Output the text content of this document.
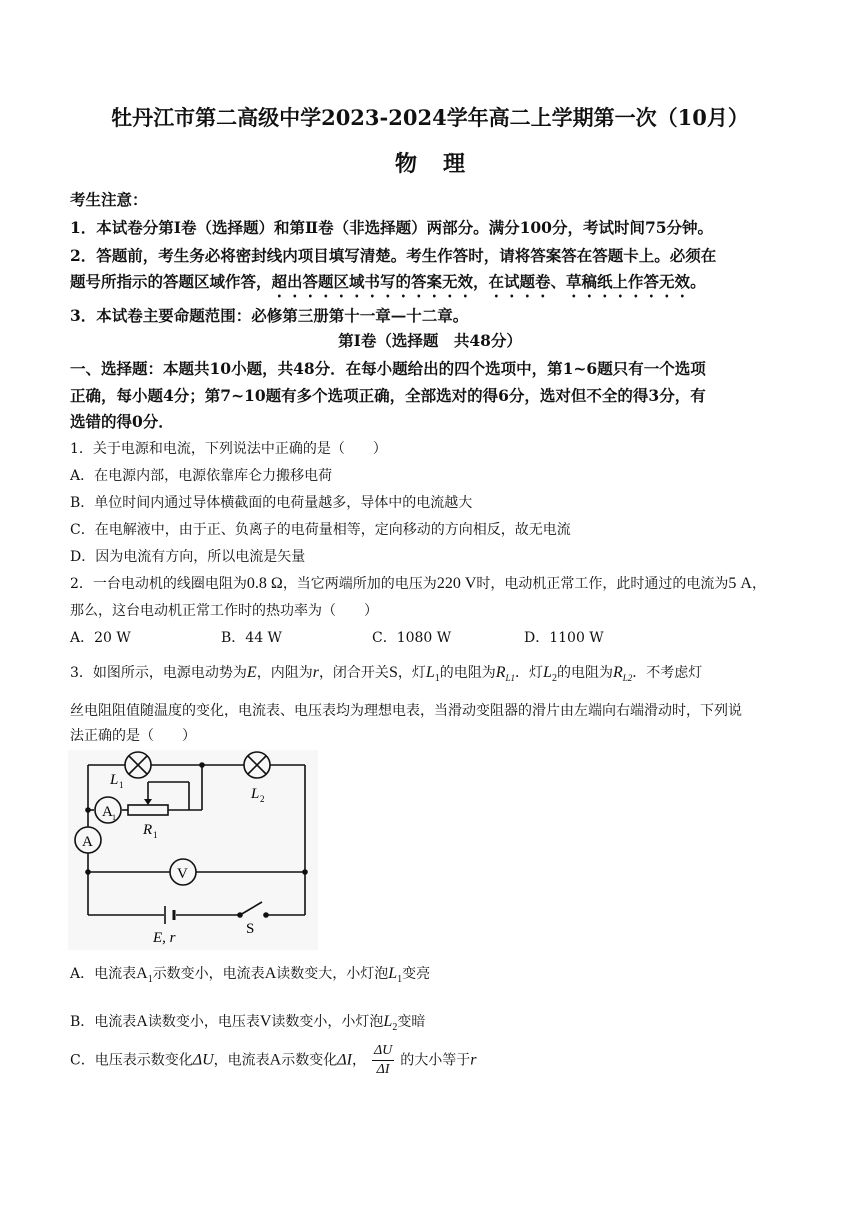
牡丹江市第二高级中学2023-2024学年高二上学期第一次（10月）
物理
考生注意：
1．本试卷分第Ⅰ卷（选择题）和第Ⅱ卷（非选择题）两部分。满分100分，考试时间75分钟。
2．答题前，考生务必将密封线内项目填写清楚。考生作答时，请将答案答在答题卡上。必须在
题号所指示的答题区域作答，超出答题区域书写的答案无效，在试题卷、草稿纸上作答无效。
3．本试卷主要命题范围：必修第三册第十一章—十二章。
第Ⅰ卷（选择题　共48分）
一、选择题：本题共10小题，共48分．在每小题给出的四个选项中，第1~6题只有一个选项
正确，每小题4分；第7~10题有多个选项正确，全部选对的得6分，选对但不全的得3分，有
选错的得0分．
1．关于电源和电流，下列说法中正确的是（　　）
A．在电源内部，电源依靠库仑力搬移电荷
B．单位时间内通过导体横截面的电荷量越多，导体中的电流越大
C．在电解液中，由于正、负离子的电荷量相等，定向移动的方向相反，故无电流
D．因为电流有方向，所以电流是矢量
2．一台电动机的线圈电阻为0.8 Ω，当它两端所加的电压为220 V时，电动机正常工作，此时通过的电流为5 A，
那么，这台电动机正常工作时的热功率为（　　）
A．20 W	B．44 W	C．1080 W	D．1100 W
3．如图所示，电源电动势为E，内阻为r，闭合开关S，灯$L_1$的电阻为$R_{L1}$．灯$L_2$的电阻为$R_{L2}$．不考虑灯
丝电阻阻值随温度的变化，电流表、电压表均为理想电表，当滑动变阻器的滑片由左端向右端滑动时，下列说
法正确的是（　　）
A 1
A
V
L 1
L 2
R 1
E, r
S
A．电流表$A_1$示数变小，电流表A读数变大，小灯泡$L_1$变亮
B．电流表A读数变小，电压表V读数变小，小灯泡$L_2$变暗
C．电压表示数变化ΔU，电流表A示数变化ΔI， $\frac{\Delta U}{\Delta I}$ 的大小等于r
